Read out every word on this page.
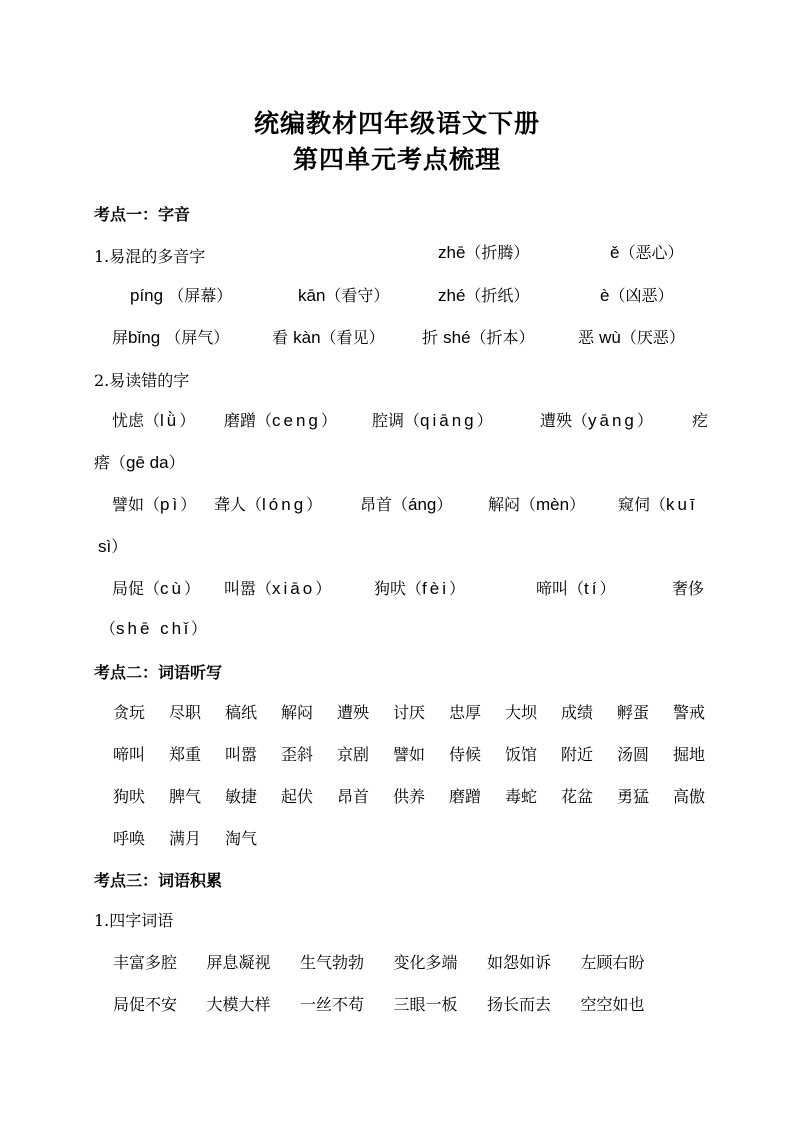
统编教材四年级语文下册
第四单元考点梳理
考点一：字音
1.易混的多音字	zhē（折腾）	ě（恶心）
píng （屏幕）	kān（看守）	zhé（折纸）	è（凶恶）
屏bǐng （屏气）	看 kàn（看见） 折 shé（折本）	恶 wù（厌恶）
2.易读错的字
忧虑（lǜ） 磨蹭（ceng） 腔调（qiāng）	遭殃（yāng） 疙
瘩（gē da）
譬如（pì） 聋人（lóng） 昂首（áng） 解闷（mèn） 窥伺（kuī
sì）
局促（cù） 叫嚣（xiāo）	狗吠（fèi）	啼叫（tí）	奢侈
（shē chǐ）
考点二：词语听写
贪玩 尽职 稿纸 解闷 遭殃 讨厌 忠厚 大坝 成绩 孵蛋 警戒
啼叫 郑重 叫嚣 歪斜 京剧 譬如 侍候 饭馆 附近 汤圆 掘地
狗吠 脾气 敏捷 起伏 昂首 供养 磨蹭 毒蛇 花盆 勇猛 高傲
呼唤 满月 淘气
考点三：词语积累
1.四字词语
丰富多腔 屏息凝视 生气勃勃 变化多端 如怨如诉 左顾右盼
局促不安 大模大样 一丝不苟 三眼一板 扬长而去 空空如也
